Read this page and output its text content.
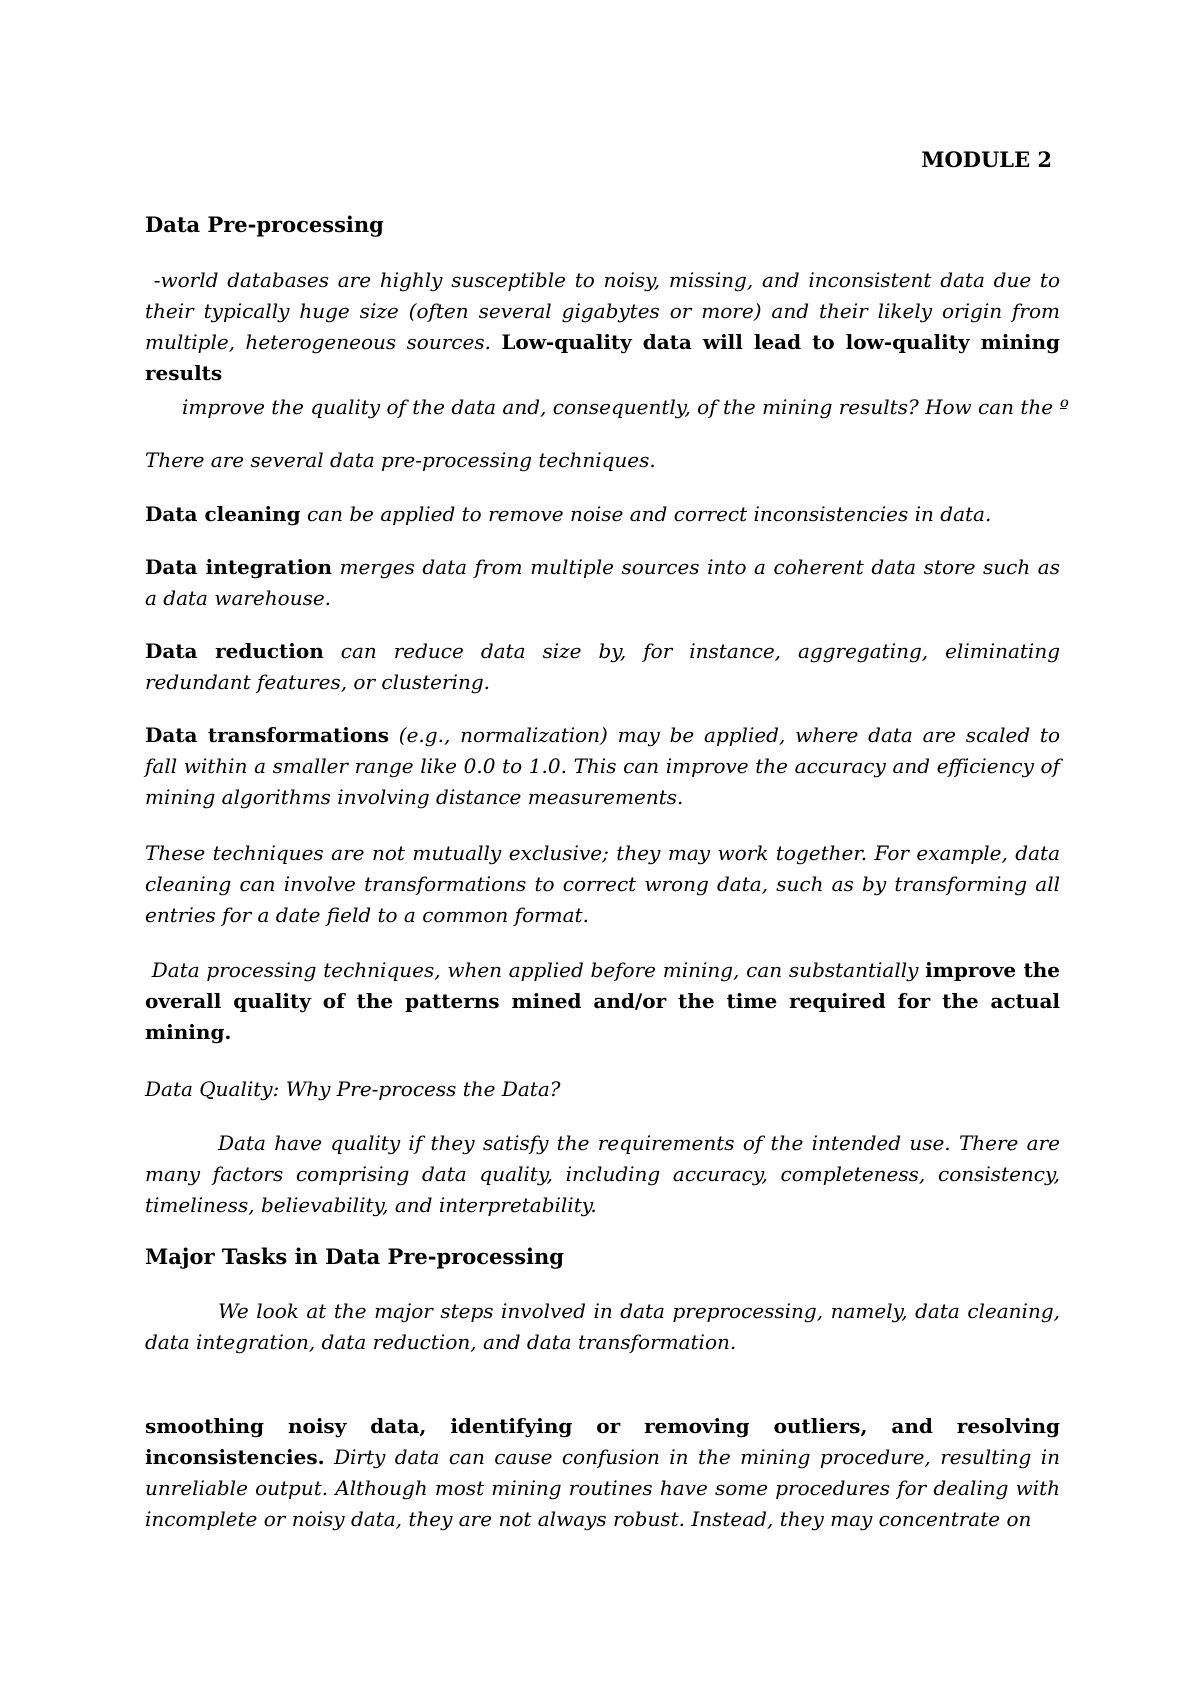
MODULE 2
Data Pre-processing
-world databases are highly susceptible to noisy, missing, and inconsistent data due to their typically huge size (often several gigabytes or more) and their likely origin from multiple, heterogeneous sources. Low-quality data will lead to low-quality mining results
improve the quality of the data and, consequently, of the mining results? How can the º
There are several data pre-processing techniques.
Data cleaning can be applied to remove noise and correct inconsistencies in data.
Data integration merges data from multiple sources into a coherent data store such as a data warehouse.
Data reduction can reduce data size by, for instance, aggregating, eliminating redundant features, or clustering.
Data transformations (e.g., normalization) may be applied, where data are scaled to fall within a smaller range like 0.0 to 1.0. This can improve the accuracy and efficiency of mining algorithms involving distance measurements.
These techniques are not mutually exclusive; they may work together. For example, data cleaning can involve transformations to correct wrong data, such as by transforming all entries for a date field to a common format.
Data processing techniques, when applied before mining, can substantially improve the overall quality of the patterns mined and/or the time required for the actual mining.
Data Quality: Why Pre-process the Data?
Data have quality if they satisfy the requirements of the intended use. There are many factors comprising data quality, including accuracy, completeness, consistency, timeliness, believability, and interpretability.
Major Tasks in Data Pre-processing
We look at the major steps involved in data preprocessing, namely, data cleaning, data integration, data reduction, and data transformation.
smoothing noisy data, identifying or removing outliers, and resolving inconsistencies. Dirty data can cause confusion in the mining procedure, resulting in unreliable output. Although most mining routines have some procedures for dealing with incomplete or noisy data, they are not always robust. Instead, they may concentrate on
